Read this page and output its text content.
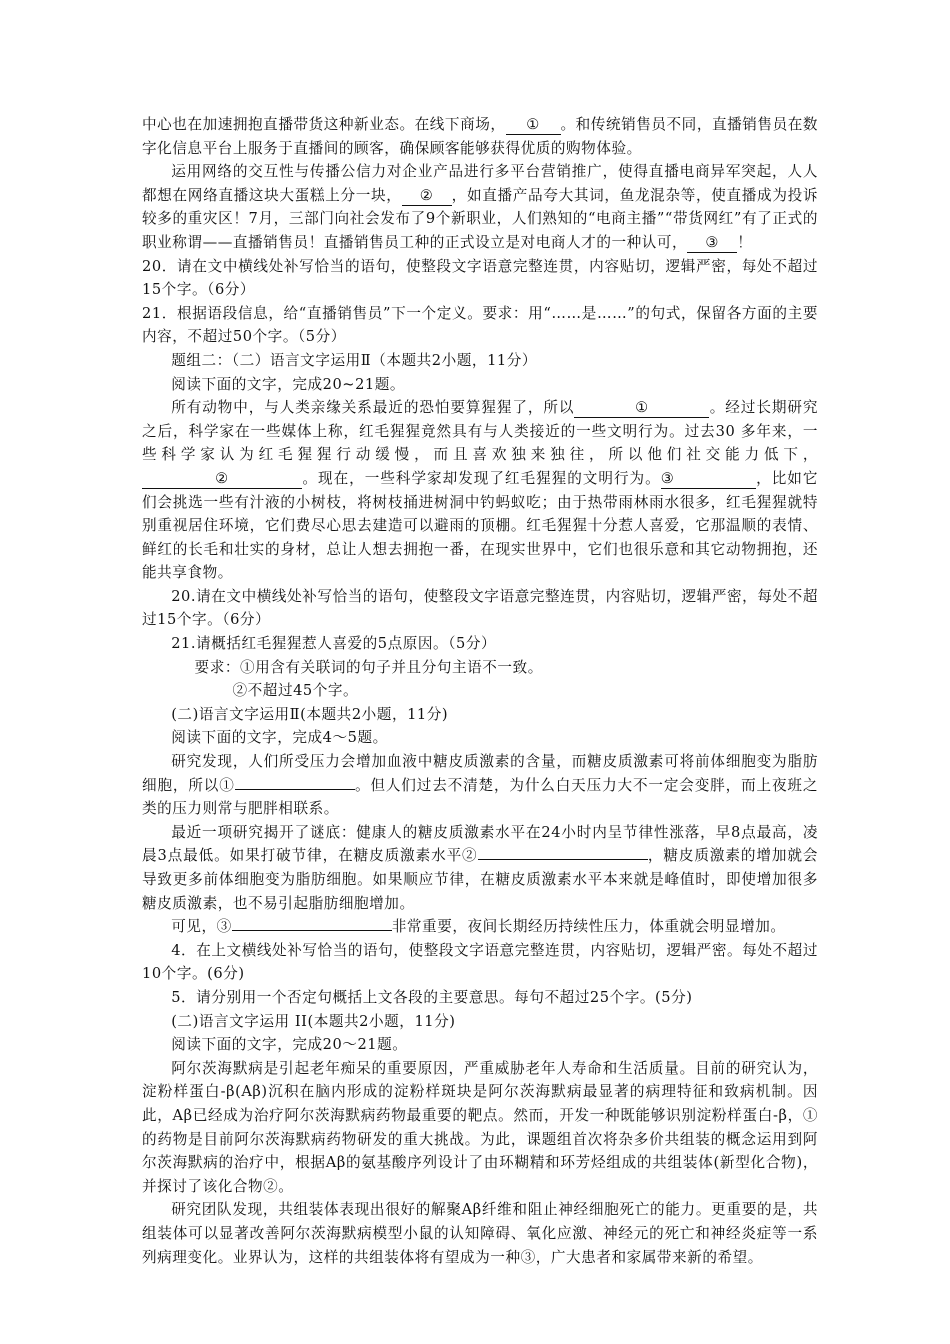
中心也在加速拥抱直播带货这种新业态。在线下商场， ① 。和传统销售员不同，直播销售员在数字化信息平台上服务于直播间的顾客，确保顾客能够获得优质的购物体验。

运用网络的交互性与传播公信力对企业产品进行多平台营销推广，使得直播电商异军突起，人人都想在网络直播这块大蛋糕上分一块， ② ，如直播产品夸大其词，鱼龙混杂等，使直播成为投诉较多的重灾区！7月，三部门向社会发布了9个新职业，人们熟知的“电商主播”“带货网红”有了正式的职业称谓——直播销售员！直播销售员工种的正式设立是对电商人才的一种认可， ③ ！

20．请在文中横线处补写恰当的语句，使整段文字语意完整连贯，内容贴切，逻辑严密，每处不超过15个字。（6分）

21．根据语段信息，给“直播销售员”下一个定义。要求：用“……是……”的句式，保留各方面的主要内容，不超过50个字。（5分）

题组二：（二）语言文字运用Ⅱ（本题共2小题，11分）

阅读下面的文字，完成20~21题。

所有动物中，与人类亲缘关系最近的恐怕要算猩猩了，所以	①	。经过长期研究之后，科学家在一些媒体上称，红毛猩猩竟然具有与人类接近的一些文明行为。过去30 多年来，一些科学家认为红毛猩猩行动缓慢，而且喜欢独来独往，所以他们社交能力低下，②	。现在，一些科学家却发现了红毛猩猩的文明行为。③	，比如它们会挑选一些有汁液的小树枝，将树枝捅进树洞中钓蚂蚁吃；由于热带雨林雨水很多，红毛猩猩就特别重视居住环境，它们费尽心思去建造可以避雨的顶棚。红毛猩猩十分惹人喜爱，它那温顺的表情、鲜红的长毛和壮实的身材，总让人想去拥抱一番，在现实世界中，它们也很乐意和其它动物拥抱，还能共享食物。

20.请在文中横线处补写恰当的语句，使整段文字语意完整连贯，内容贴切，逻辑严密，每处不超过15个字。（6分）

21.请概括红毛猩猩惹人喜爱的5点原因。（5分）

要求：①用含有关联词的句子并且分句主语不一致。

②不超过45个字。

(二)语言文字运用Ⅱ(本题共2小题，11分)

阅读下面的文字，完成4～5题。

研究发现，人们所受压力会增加血液中糖皮质激素的含量，而糖皮质激素可将前体细胞变为脂肪细胞，所以①	。但人们过去不清楚，为什么白天压力大不一定会变胖，而上夜班之类的压力则常与肥胖相联系。

最近一项研究揭开了谜底：健康人的糖皮质激素水平在24小时内呈节律性涨落，早8点最高，凌晨3点最低。如果打破节律，在糖皮质激素水平②	，糖皮质激素的增加就会导致更多前体细胞变为脂肪细胞。如果顺应节律，在糖皮质激素水平本来就是峰值时，即使增加很多糖皮质激素，也不易引起脂肪细胞增加。

可见，③	非常重要，夜间长期经历持续性压力，体重就会明显增加。

4．在上文横线处补写恰当的语句，使整段文字语意完整连贯，内容贴切，逻辑严密。每处不超过10个字。(6分)

5．请分别用一个否定句概括上文各段的主要意思。每句不超过25个字。(5分)

(二)语言文字运用 II(本题共2小题，11分)

阅读下面的文字，完成20～21题。

阿尔茨海默病是引起老年痴呆的重要原因，严重威胁老年人寿命和生活质量。目前的研究认为，淀粉样蛋白-β(Aβ)沉积在脑内形成的淀粉样斑块是阿尔茨海默病最显著的病理特征和致病机制。因此，Aβ已经成为治疗阿尔茨海默病药物最重要的靶点。然而，开发一种既能够识别淀粉样蛋白-β，①的药物是目前阿尔茨海默病药物研发的重大挑战。为此，课题组首次将杂多价共组装的概念运用到阿尔茨海默病的治疗中，根据Aβ的氨基酸序列设计了由环糊精和环芳烃组成的共组装体(新型化合物)，并探讨了该化合物②。

研究团队发现，共组装体表现出很好的解聚Aβ纤维和阻止神经细胞死亡的能力。更重要的是，共组装体可以显著改善阿尔茨海默病模型小鼠的认知障碍、氧化应激、神经元的死亡和神经炎症等一系列病理变化。业界认为，这样的共组装体将有望成为一种③，广大患者和家属带来新的希望。
